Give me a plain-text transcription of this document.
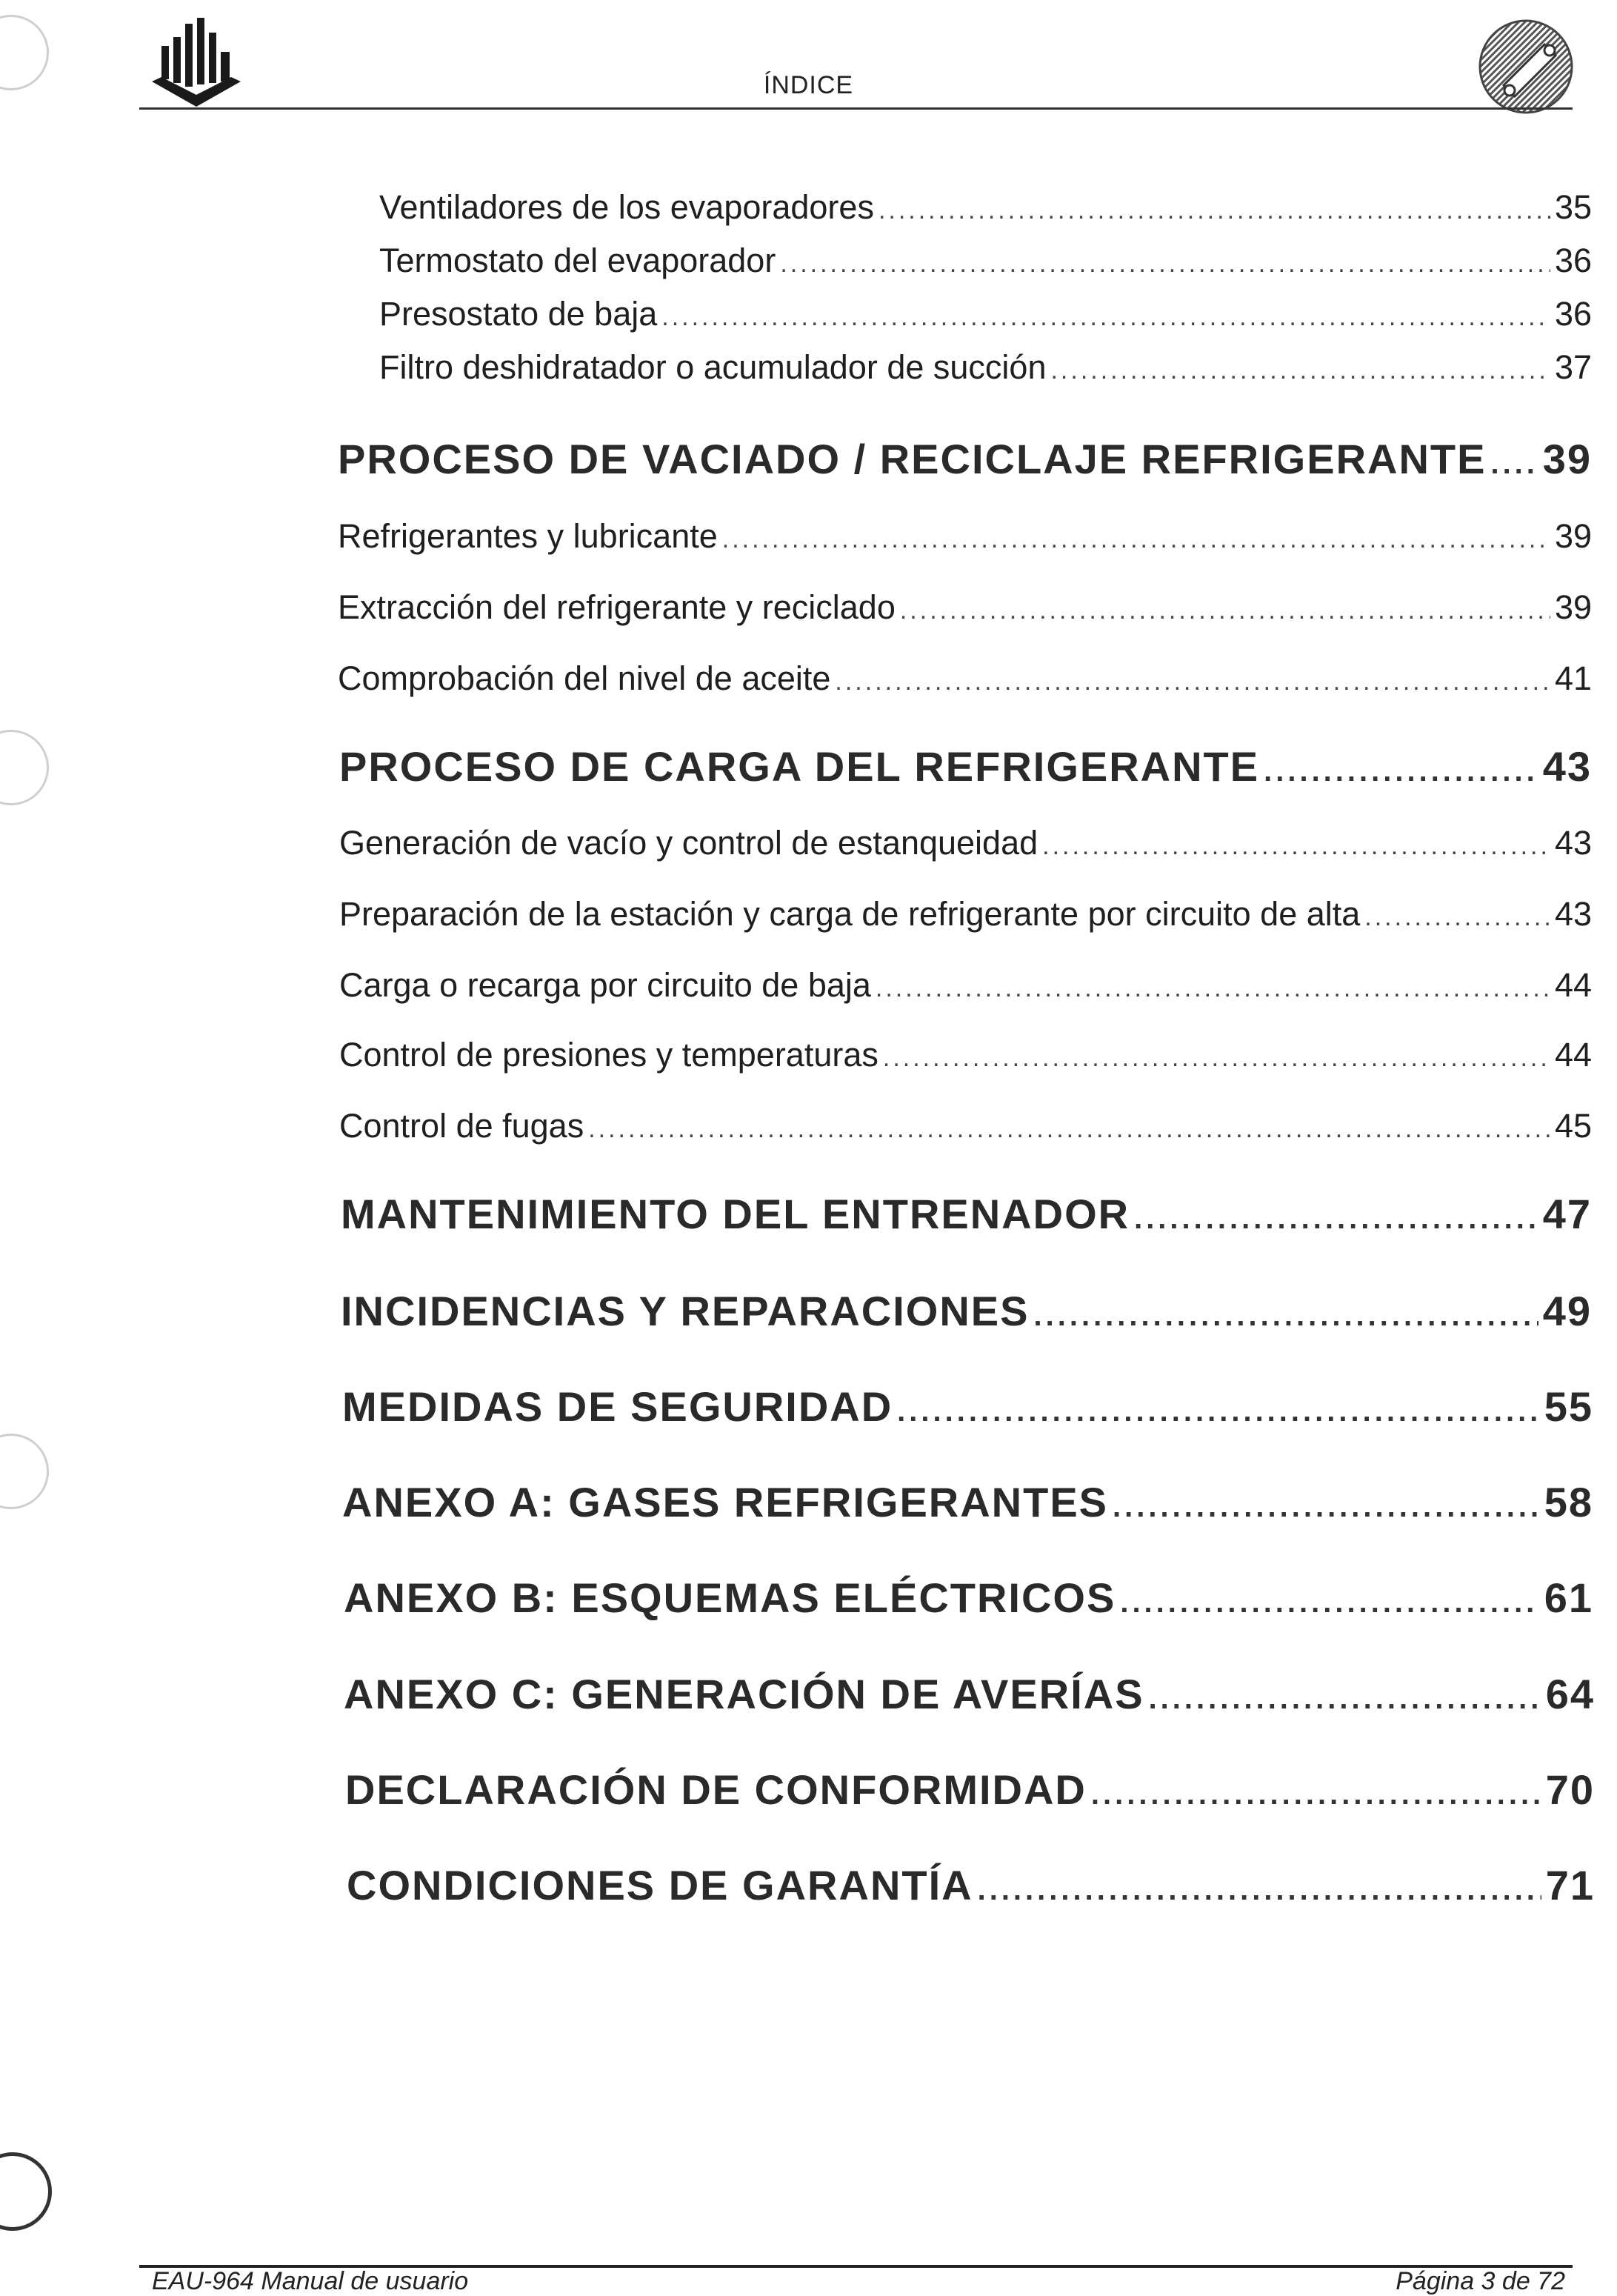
ÍNDICE
Ventiladores de los evaporadores .....	35
Termostato del evaporador .....	36
Presostato de baja .....	36
Filtro deshidratador o acumulador de succión .....	37
PROCESO DE VACIADO / RECICLAJE REFRIGERANTE ..... 39
Refrigerantes y lubricante .....	39
Extracción del refrigerante y reciclado .....	39
Comprobación del nivel de aceite .....	41
PROCESO DE CARGA DEL REFRIGERANTE .....	43
Generación de vacío y control de estanqueidad .....	43
Preparación de la estación y carga de refrigerante por circuito de alta .....	43
Carga o recarga por circuito de baja .....	44
Control de presiones y temperaturas .....	44
Control de fugas .....	45
MANTENIMIENTO DEL ENTRENADOR .....	47
INCIDENCIAS Y REPARACIONES .....	49
MEDIDAS DE SEGURIDAD .....	55
ANEXO A: GASES REFRIGERANTES .....	58
ANEXO B: ESQUEMAS ELÉCTRICOS .....	61
ANEXO C: GENERACIÓN DE AVERÍAS .....	64
DECLARACIÓN DE CONFORMIDAD .....	70
CONDICIONES DE GARANTÍA .....	71
EAU-964 Manual de usuario	Página 3 de 72
